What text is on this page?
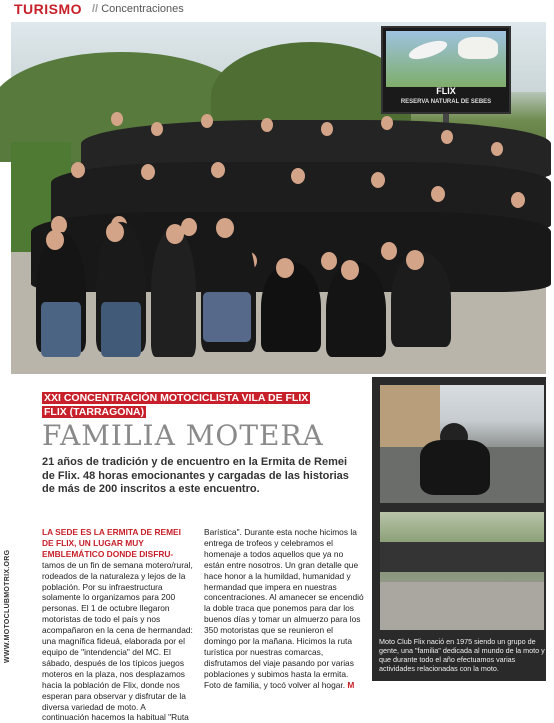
TURISMO // Concentraciones
FLIX
RESERVA NATURAL DE SEBES
WWW.MOTOCLUBMOTRIX.ORG
XXI CONCENTRACIÓN MOTOCICLISTA VILA DE FLIX
FLIX (TARRAGONA)
FAMILIA MOTERA
21 años de tradición y de encuentro en la Ermita de Remei de Flix. 48 horas emocionantes y cargadas de las historias de más de 200 inscritos a este encuentro.
LA SEDE ES LA ERMITA DE REMEI DE FLIX, UN LUGAR MUY EMBLEMÁTICO DONDE DISFRU- tamos de un fin de semana motero/rural, rodeados de la naturaleza y lejos de la población. Por su infraestructura solamente lo organizamos para 200 personas. El 1 de octubre llegaron motoristas de todo el país y nos acompañaron en la cena de hermandad: una magnífica fideuá, elaborada por el equipo de "intendencia" del MC. El sábado, después de los típicos juegos moteros en la plaza, nos desplazamos hacia la población de Flix, donde nos esperan para observar y disfrutar de la diversa variedad de moto. A continuación hacemos la habitual "Ruta
Barística". Durante esta noche hicimos la entrega de trofeos y celebramos el homenaje a todos aquellos que ya no están entre nosotros. Un gran detalle que hace honor a la humildad, humanidad y hermandad que impera en nuestras concentraciones. Al amanecer se encendió la doble traca que ponemos para dar los buenos días y tomar un almuerzo para los 350 motoristas que se reunieron el domingo por la mañana. Hicimos la ruta turística por nuestras comarcas, disfrutamos del viaje pasando por varias poblaciones y subimos hasta la ermita. Foto de familia, y tocó volver al hogar. M
Moto Club Flix nació en 1975 siendo un grupo de gente, una "familia" dedicada al mundo de la moto y que durante todo el año efectuamos varias actividades relacionadas con la moto.
